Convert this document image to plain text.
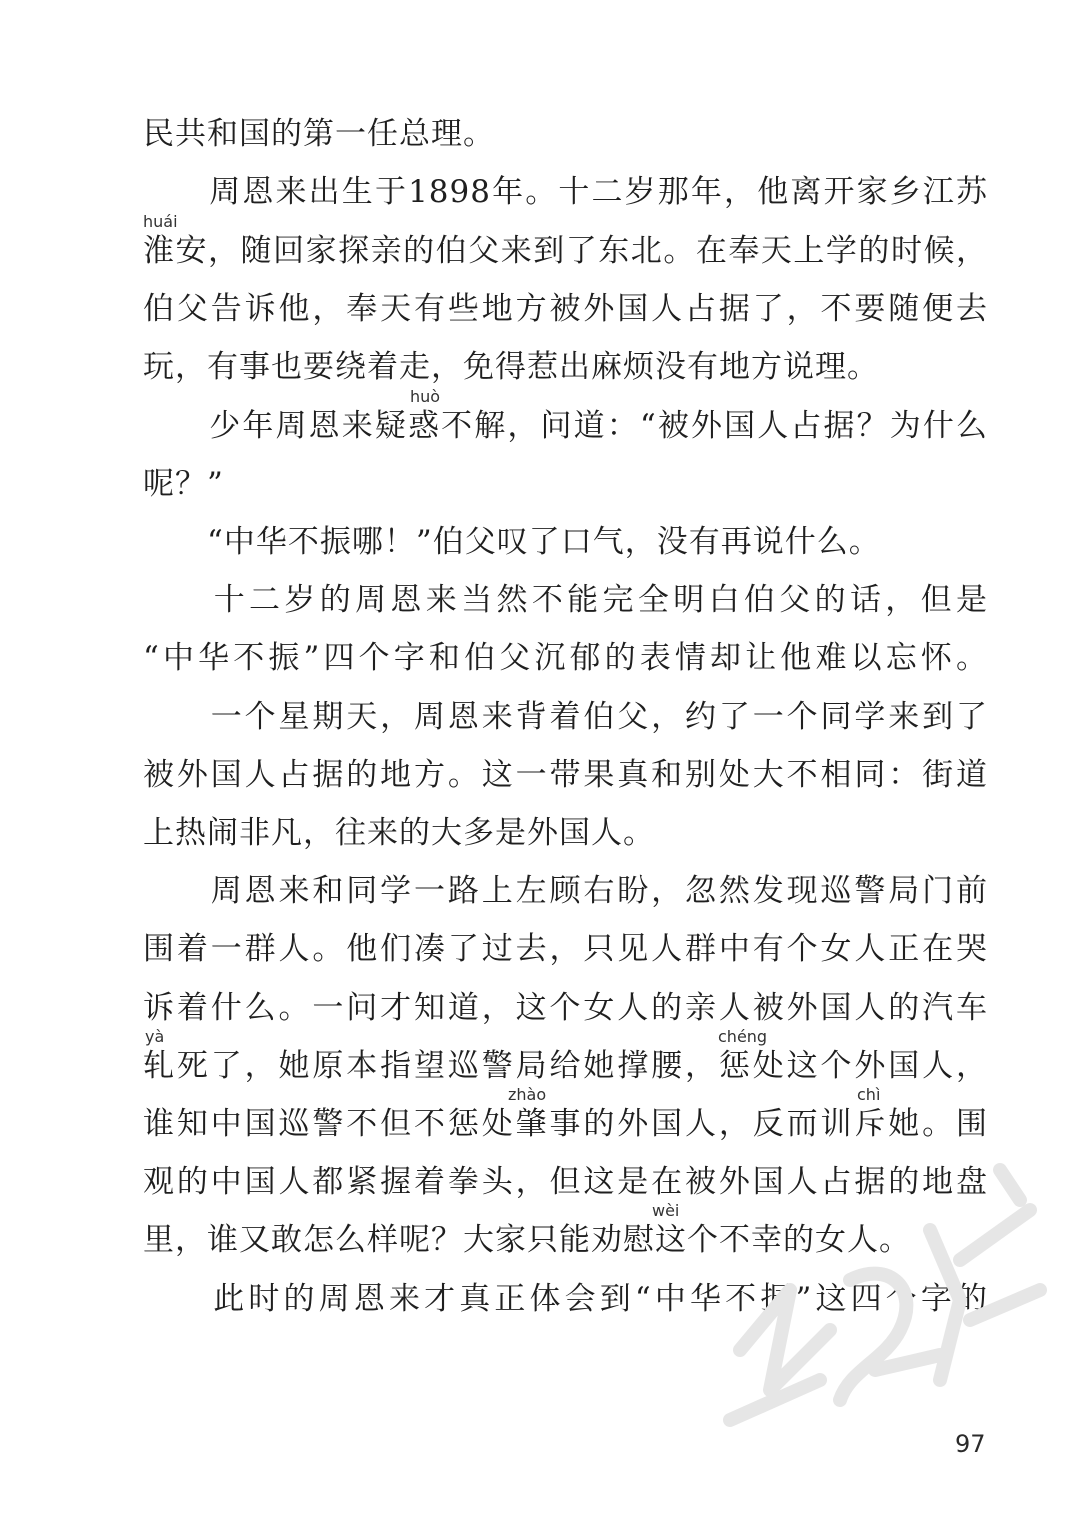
民共和国的第一任总理。
　　周恩来出生于1898年。十二岁那年，他离开家乡江苏
huái
淮安，随回家探亲的伯父来到了东北。在奉天上学的时候，
伯父告诉他，奉天有些地方被外国人占据了，不要随便去
玩，有事也要绕着走，免得惹出麻烦没有地方说理。
huò
　　少年周恩来疑惑不解，问道：“被外国人占据？为什么
呢？”
　　“中华不振哪！”伯父叹了口气，没有再说什么。
　　十二岁的周恩来当然不能完全明白伯父的话，但是
“中华不振”四个字和伯父沉郁的表情却让他难以忘怀。
　　一个星期天，周恩来背着伯父，约了一个同学来到了
被外国人占据的地方。这一带果真和别处大不相同：街道
上热闹非凡，往来的大多是外国人。
　　周恩来和同学一路上左顾右盼，忽然发现巡警局门前
围着一群人。他们凑了过去，只见人群中有个女人正在哭
诉着什么。一问才知道，这个女人的亲人被外国人的汽车
yà	chéng
轧死了，她原本指望巡警局给她撑腰，惩处这个外国人，
zhào	chì
谁知中国巡警不但不惩处肇事的外国人，反而训斥她。围
观的中国人都紧握着拳头，但这是在被外国人占据的地盘
wèi
里，谁又敢怎么样呢？大家只能劝慰这个不幸的女人。
　　此时的周恩来才真正体会到“中华不振”这四个字的
97
